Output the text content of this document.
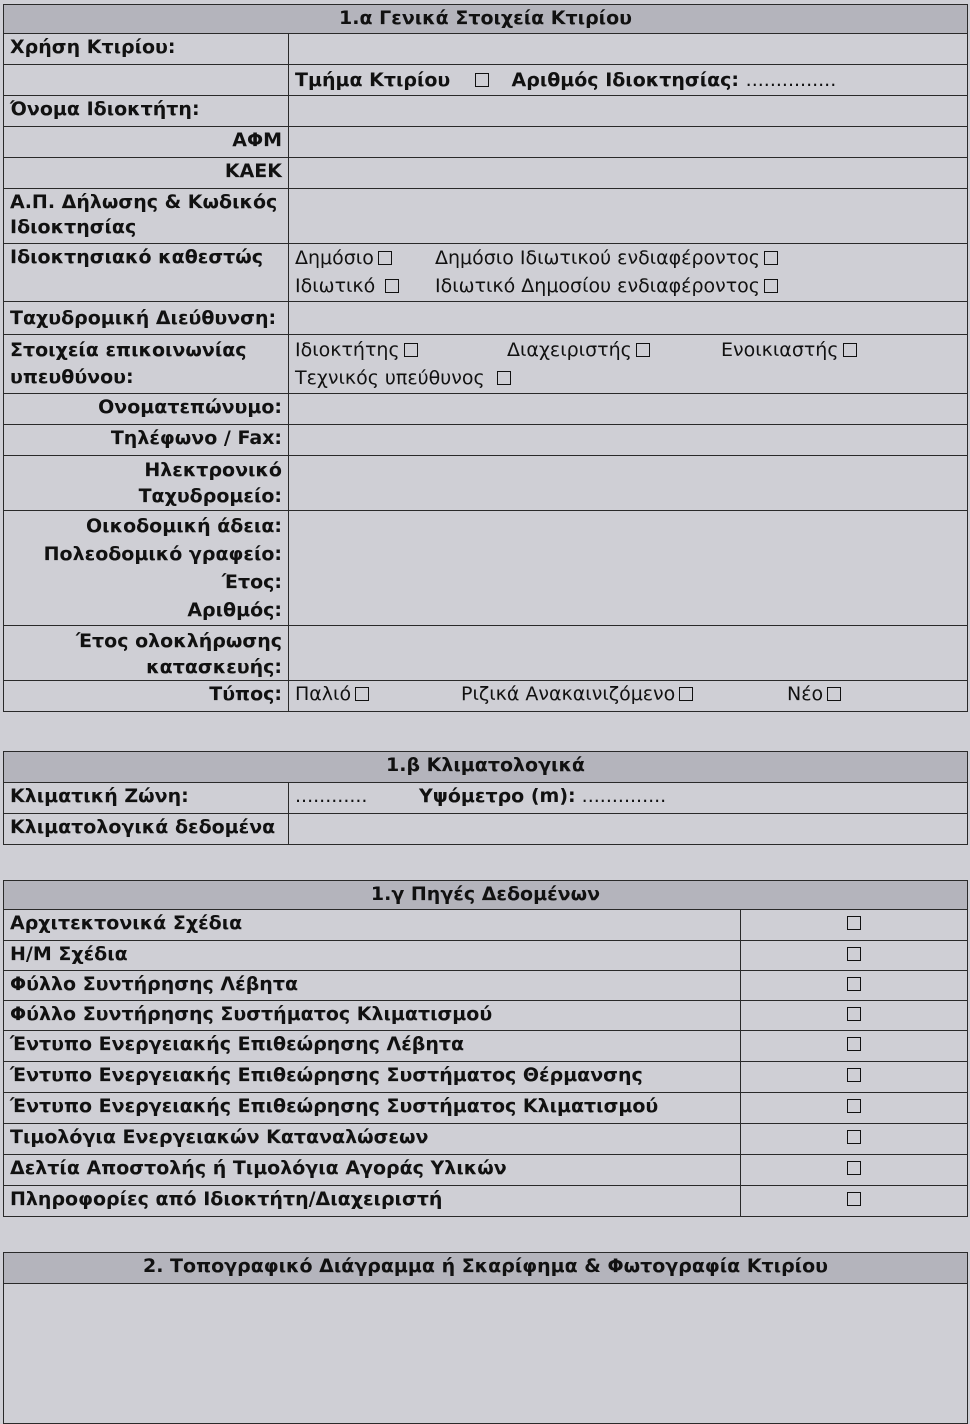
1.α Γενικά Στοιχεία Κτιρίου	
Χρήση Κτιρίου:	
	Τμήμα Κτιρίου Αριθμός Ιδιοκτησίας: ...............
Όνομα Ιδιοκτήτη:	
ΑΦΜ	
ΚΑΕΚ	
Α.Π. Δήλωσης & Κωδικός Ιδιοκτησίας	
Ιδιοκτησιακό καθεστώς	Δημόσιο Δημόσιο Ιδιωτικού ενδιαφέροντος
Ιδιωτικό Ιδιωτικό Δημοσίου ενδιαφέροντος

Ταχυδρομική Διεύθυνση:	
Στοιχεία επικοινωνίας υπευθύνου:	Ιδιοκτήτης Διαχειριστής Ενοικιαστής
Τεχνικός υπεύθυνος

Ονοματεπώνυμο:	
Τηλέφωνο / Fax:	

Ηλεκτρονικό
Ταχυδρομείο:	

Οικοδομική άδεια:
Πολεοδομικό γραφείο:
Έτος:
Αριθμός:	

Έτος ολοκλήρωσης
κατασκευής:	

Τύπος:	Παλιό Ριζικά Ανακαινιζόμενο Νέο
1.β Κλιματολογικά	
Κλιματική Ζώνη:	............ Υψόμετρο (m): ..............
Κλιματολογικά δεδομένα	
1.γ Πηγές Δεδομένων	
Αρχιτεκτονικά Σχέδια	
Η/Μ Σχέδια	
Φύλλο Συντήρησης Λέβητα	
Φύλλο Συντήρησης Συστήματος Κλιματισμού	
Έντυπο Ενεργειακής Επιθεώρησης Λέβητα	
Έντυπο Ενεργειακής Επιθεώρησης Συστήματος Θέρμανσης	
Έντυπο Ενεργειακής Επιθεώρησης Συστήματος Κλιματισμού	
Τιμολόγια Ενεργειακών Καταναλώσεων	
Δελτία Αποστολής ή Τιμολόγια Αγοράς Υλικών	
Πληροφορίες από Ιδιοκτήτη/Διαχειριστή	
2. Τοπογραφικό Διάγραμμα ή Σκαρίφημα & Φωτογραφία Κτιρίου
